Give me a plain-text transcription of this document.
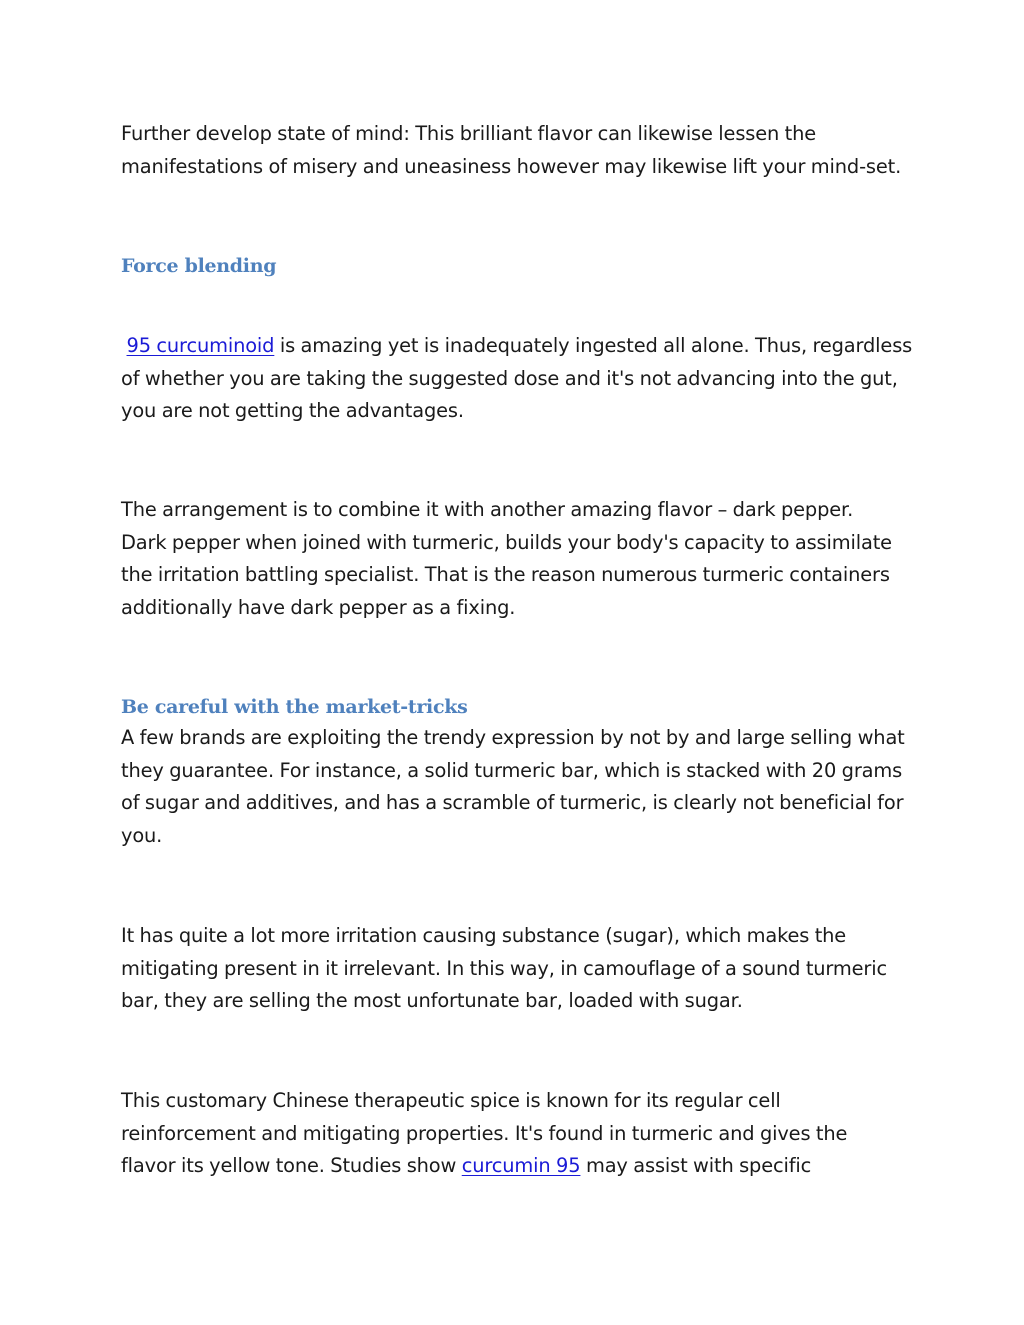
Further develop state of mind: This brilliant flavor can likewise lessen the
manifestations of misery and uneasiness however may likewise lift your mind-set.
Force blending
95 curcuminoid is amazing yet is inadequately ingested all alone. Thus, regardless
of whether you are taking the suggested dose and it's not advancing into the gut,
you are not getting the advantages.
The arrangement is to combine it with another amazing flavor – dark pepper.
Dark pepper when joined with turmeric, builds your body's capacity to assimilate
the irritation battling specialist. That is the reason numerous turmeric containers
additionally have dark pepper as a fixing.
Be careful with the market-tricks
A few brands are exploiting the trendy expression by not by and large selling what
they guarantee. For instance, a solid turmeric bar, which is stacked with 20 grams
of sugar and additives, and has a scramble of turmeric, is clearly not beneficial for
you.
It has quite a lot more irritation causing substance (sugar), which makes the
mitigating present in it irrelevant. In this way, in camouflage of a sound turmeric
bar, they are selling the most unfortunate bar, loaded with sugar.
This customary Chinese therapeutic spice is known for its regular cell
reinforcement and mitigating properties. It's found in turmeric and gives the
flavor its yellow tone. Studies show curcumin 95 may assist with specific
